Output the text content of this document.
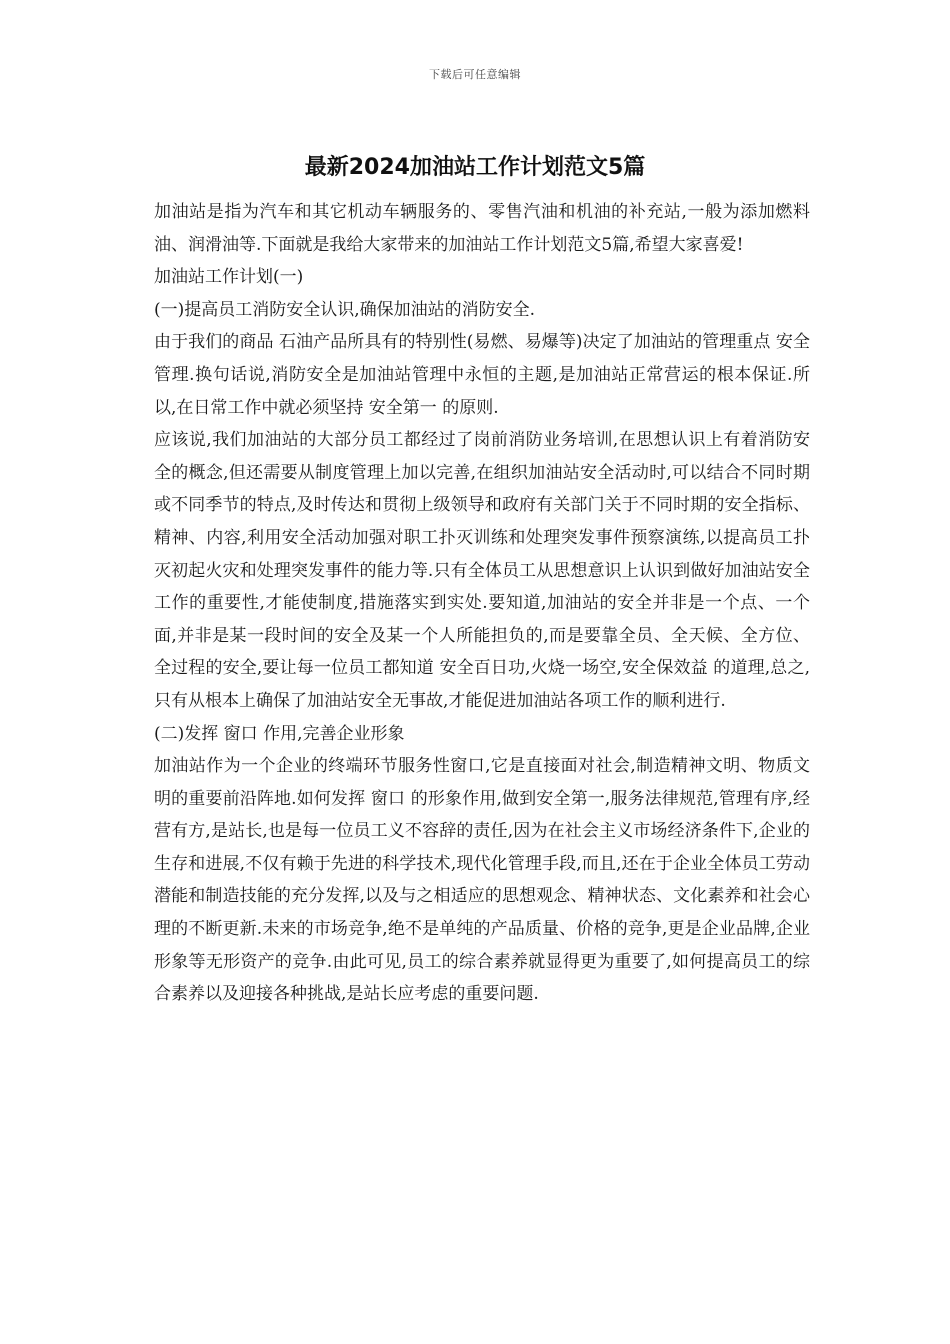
下载后可任意编辑
最新2024加油站工作计划范文5篇

加油站是指为汽车和其它机动车辆服务的、零售汽油和机油的补充站,一般为添加燃料油、润滑油等.下面就是我给大家带来的加油站工作计划范文5篇,希望大家喜爱!

加油站工作计划(一)

(一)提高员工消防安全认识,确保加油站的消防安全.

由于我们的商品 石油产品所具有的特别性(易燃、易爆等)决定了加油站的管理重点 安全管理.换句话说,消防安全是加油站管理中永恒的主题,是加油站正常营运的根本保证.所以,在日常工作中就必须坚持 安全第一 的原则.

应该说,我们加油站的大部分员工都经过了岗前消防业务培训,在思想认识上有着消防安全的概念,但还需要从制度管理上加以完善,在组织加油站安全活动时,可以结合不同时期或不同季节的特点,及时传达和贯彻上级领导和政府有关部门关于不同时期的安全指标、精神、内容,利用安全活动加强对职工扑灭训练和处理突发事件预察演练,以提高员工扑灭初起火灾和处理突发事件的能力等.只有全体员工从思想意识上认识到做好加油站安全工作的重要性,才能使制度,措施落实到实处.要知道,加油站的安全并非是一个点、一个面,并非是某一段时间的安全及某一个人所能担负的,而是要靠全员、全天候、全方位、全过程的安全,要让每一位员工都知道 安全百日功,火烧一场空,安全保效益 的道理,总之,只有从根本上确保了加油站安全无事故,才能促进加油站各项工作的顺利进行.

(二)发挥 窗口 作用,完善企业形象

加油站作为一个企业的终端环节服务性窗口,它是直接面对社会,制造精神文明、物质文明的重要前沿阵地.如何发挥 窗口 的形象作用,做到安全第一,服务法律规范,管理有序,经营有方,是站长,也是每一位员工义不容辞的责任,因为在社会主义市场经济条件下,企业的生存和进展,不仅有赖于先进的科学技术,现代化管理手段,而且,还在于企业全体员工劳动潜能和制造技能的充分发挥,以及与之相适应的思想观念、精神状态、文化素养和社会心理的不断更新.未来的市场竞争,绝不是单纯的产品质量、价格的竞争,更是企业品牌,企业形象等无形资产的竞争.由此可见,员工的综合素养就显得更为重要了,如何提高员工的综合素养以及迎接各种挑战,是站长应考虑的重要问题.
